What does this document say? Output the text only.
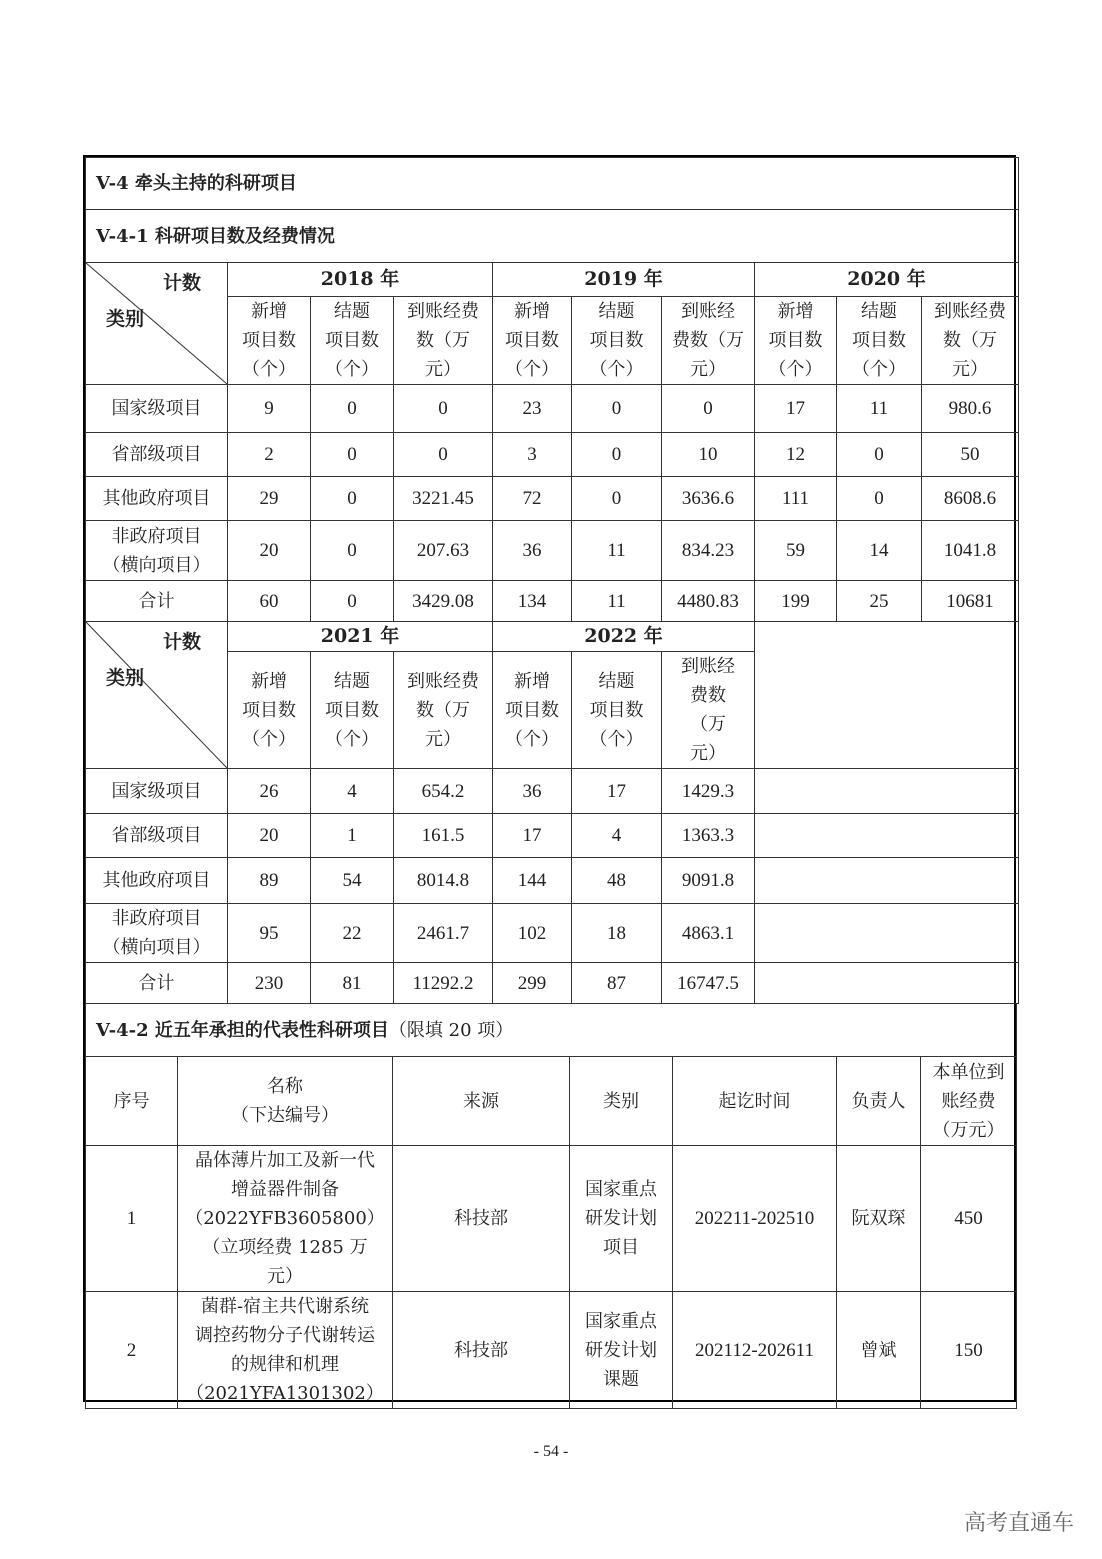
V-4 牵头主持的科研项目									
V-4-1 科研项目数及经费情况									

计数
类别	2018 年			2019 年			2020 年		
	新增
项目数
（个）	结题
项目数
（个）	到账经费
数（万
元）	新增
项目数
（个）	结题
项目数
（个）	到账经
费数（万
元）	新增
项目数
（个）	结题
项目数
（个）	到账经费
数（万
元）
国家级项目	9	0	0	23	0	0	17	11	980.6
省部级项目	2	0	0	3	0	10	12	0	50
其他政府项目	29	0	3221.45	72	0	3636.6	111	0	8608.6
非政府项目
（横向项目）	20	0	207.63	36	11	834.23	59	14	1041.8
合计	60	0	3429.08	134	11	4480.83	199	25	10681

计数
类别	2021 年			2022 年					
	新增
项目数
（个）	结题
项目数
（个）	到账经费
数（万
元）	新增
项目数
（个）	结题
项目数
（个）	到账经
费数
（万
元）			
国家级项目	26	4	654.2	36	17	1429.3			
省部级项目	20	1	161.5	17	4	1363.3			
其他政府项目	89	54	8014.8	144	48	9091.8			
非政府项目
（横向项目）	95	22	2461.7	102	18	4863.1			
合计	230	81	11292.2	299	87	16747.5			
V-4-2 近五年承担的代表性科研项目（限填 20 项）						
序号	名称
（下达编号）	来源	类别	起讫时间	负责人	本单位到
账经费
（万元）
1	晶体薄片加工及新一代
增益器件制备
（2022YFB3605800）
（立项经费 1285 万
元）	科技部	国家重点
研发计划
项目	202211-202510	阮双琛	450
2	菌群-宿主共代谢系统
调控药物分子代谢转运
的规律和机理
（2021YFA1301302）	科技部	国家重点
研发计划
课题	202112-202611	曾斌	150
- 54 -
高考直通车
